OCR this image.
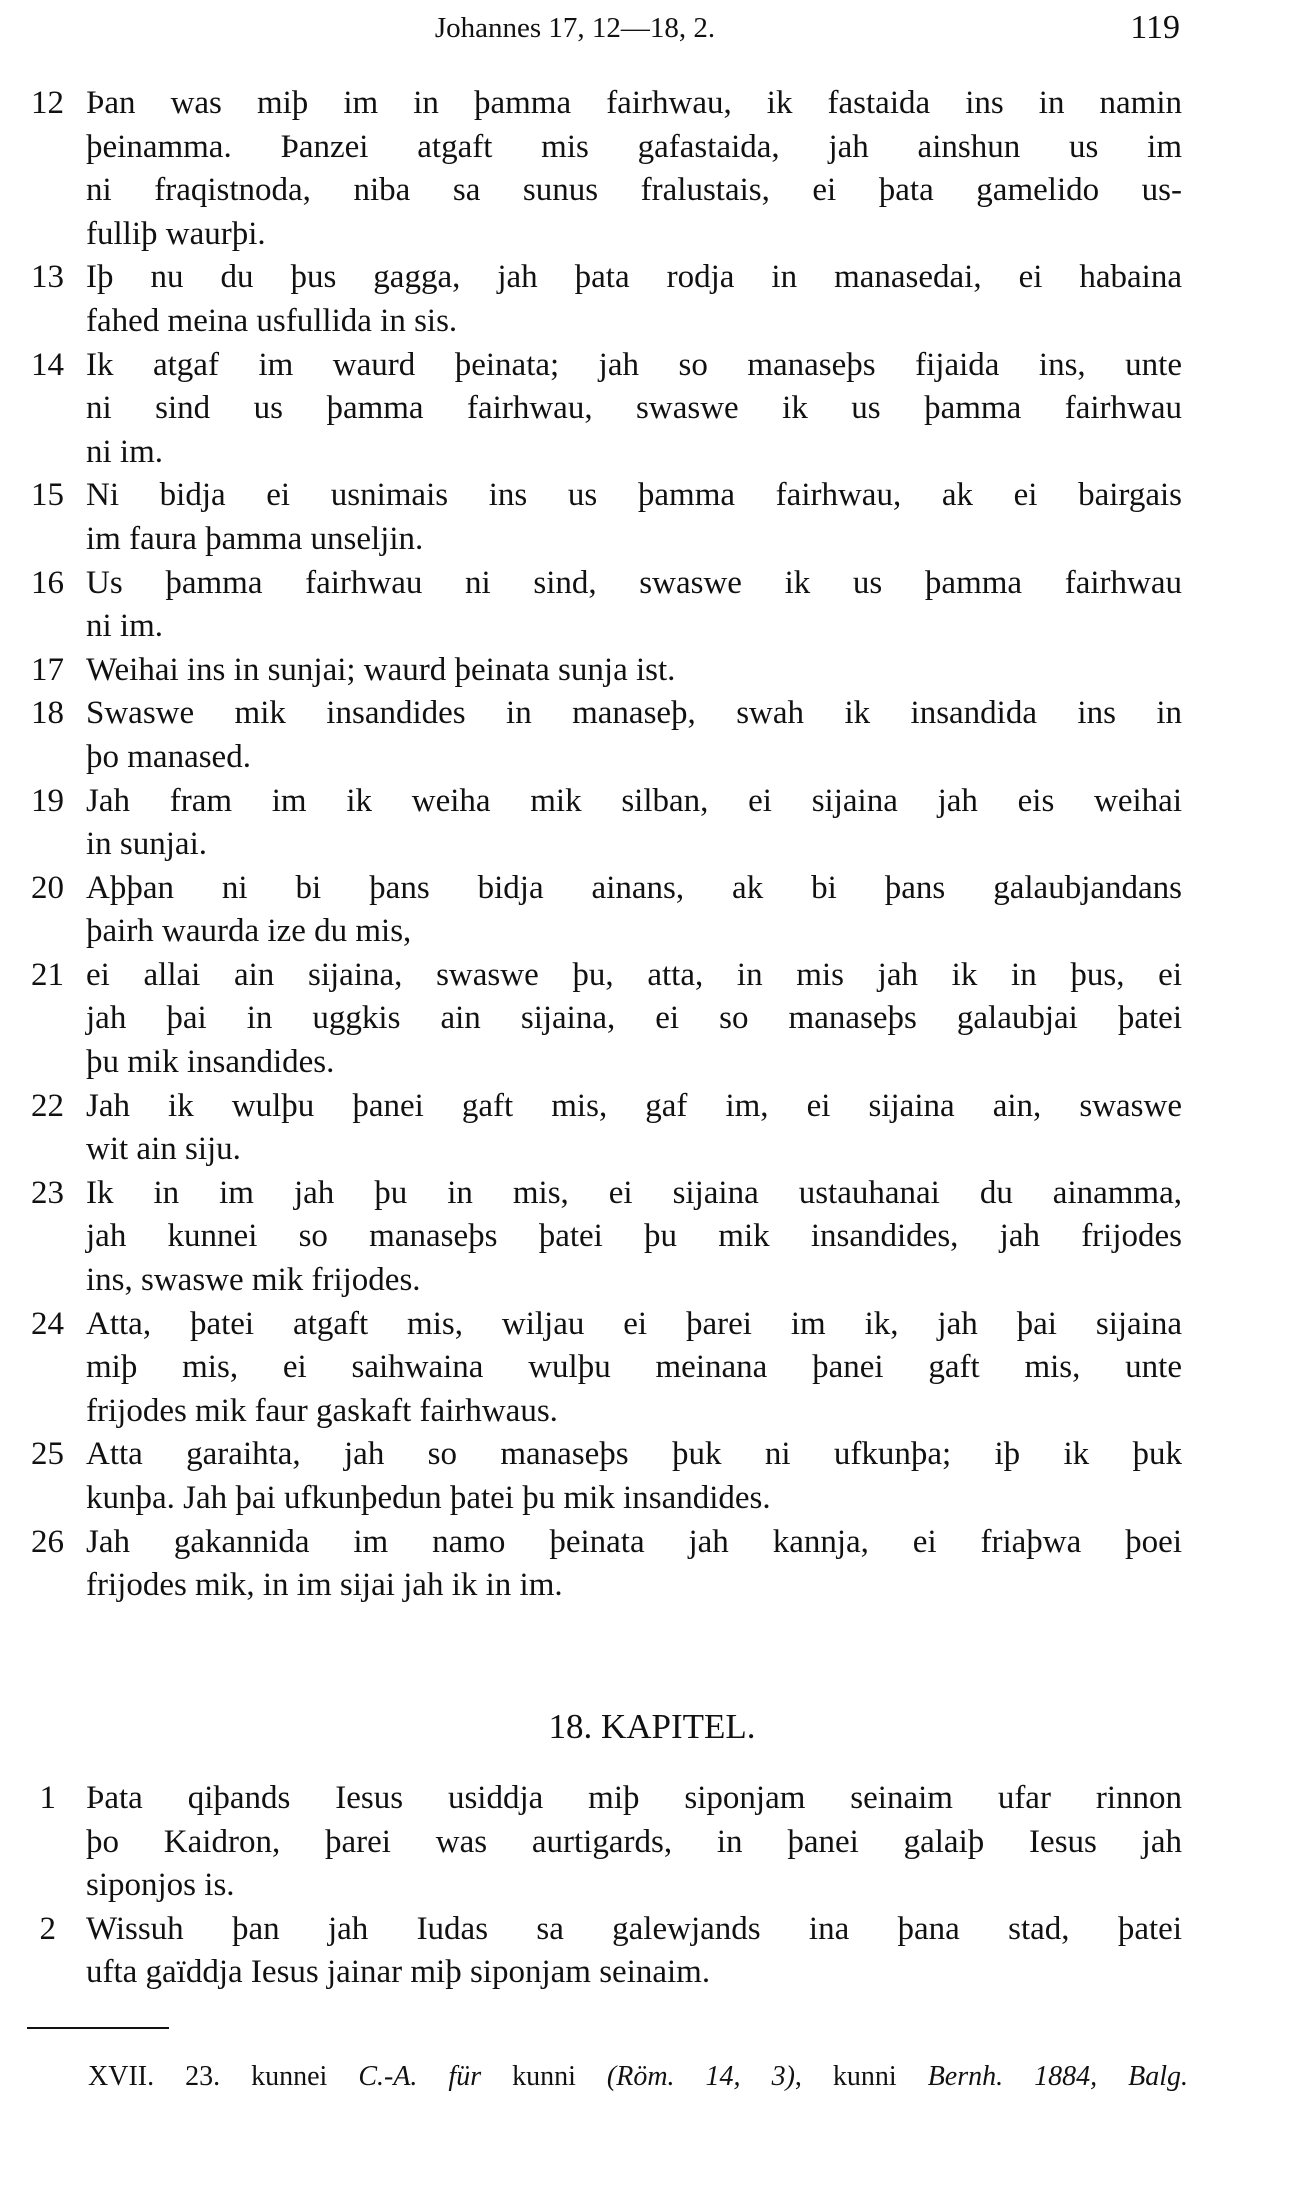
Johannes 17, 12—18, 2.	119
12 Þan was miþ im in þamma fairhwau, ik fastaida ins in namin
þeinamma. Þanzei atgaft mis gafastaida, jah ainshun us im
ni fraqistnoda, niba sa sunus fralustais, ei þata gamelido us-
fulliþ waurþi.
13 Iþ nu du þus gagga, jah þata rodja in manasedai, ei habaina
fahed meina usfullida in sis.
14 Ik atgaf im waurd þeinata; jah so manaseþs fijaida ins, unte
ni sind us þamma fairhwau, swaswe ik us þamma fairhwau
ni im.
15 Ni bidja ei usnimais ins us þamma fairhwau, ak ei bairgais
im faura þamma unseljin.
16 Us þamma fairhwau ni sind, swaswe ik us þamma fairhwau
ni im.
17 Weihai ins in sunjai; waurd þeinata sunja ist.
18 Swaswe mik insandides in manaseþ, swah ik insandida ins in
þo manased.
19 Jah fram im ik weiha mik silban, ei sijaina jah eis weihai
in sunjai.
20 Aþþan ni bi þans bidja ainans, ak bi þans galaubjandans
þairh waurda ize du mis,
21 ei allai ain sijaina, swaswe þu, atta, in mis jah ik in þus, ei
jah þai in uggkis ain sijaina, ei so manaseþs galaubjai þatei
þu mik insandides.
22 Jah ik wulþu þanei gaft mis, gaf im, ei sijaina ain, swaswe
wit ain siju.
23 Ik in im jah þu in mis, ei sijaina ustauhanai du ainamma,
jah kunnei so manaseþs þatei þu mik insandides, jah frijodes
ins, swaswe mik frijodes.
24 Atta, þatei atgaft mis, wiljau ei þarei im ik, jah þai sijaina
miþ mis, ei saihwaina wulþu meinana þanei gaft mis, unte
frijodes mik faur gaskaft fairhwaus.
25 Atta garaihta, jah so manaseþs þuk ni ufkunþa; iþ ik þuk
kunþa. Jah þai ufkunþedun þatei þu mik insandides.
26 Jah gakannida im namo þeinata jah kannja, ei friaþwa þoei
frijodes mik, in im sijai jah ik in im.
18. KAPITEL.
1 Þata qiþands Iesus usiddja miþ siponjam seinaim ufar rinnon
þo Kaidron, þarei was aurtigards, in þanei galaiþ Iesus jah
siponjos is.
2 Wissuh þan jah Iudas sa galewjands ina þana stad, þatei
ufta gaïddja Iesus jainar miþ siponjam seinaim.
XVII. 23. kunnei C.-A. für kunni (Röm. 14, 3), kunni Bernh. 1884, Balg.
